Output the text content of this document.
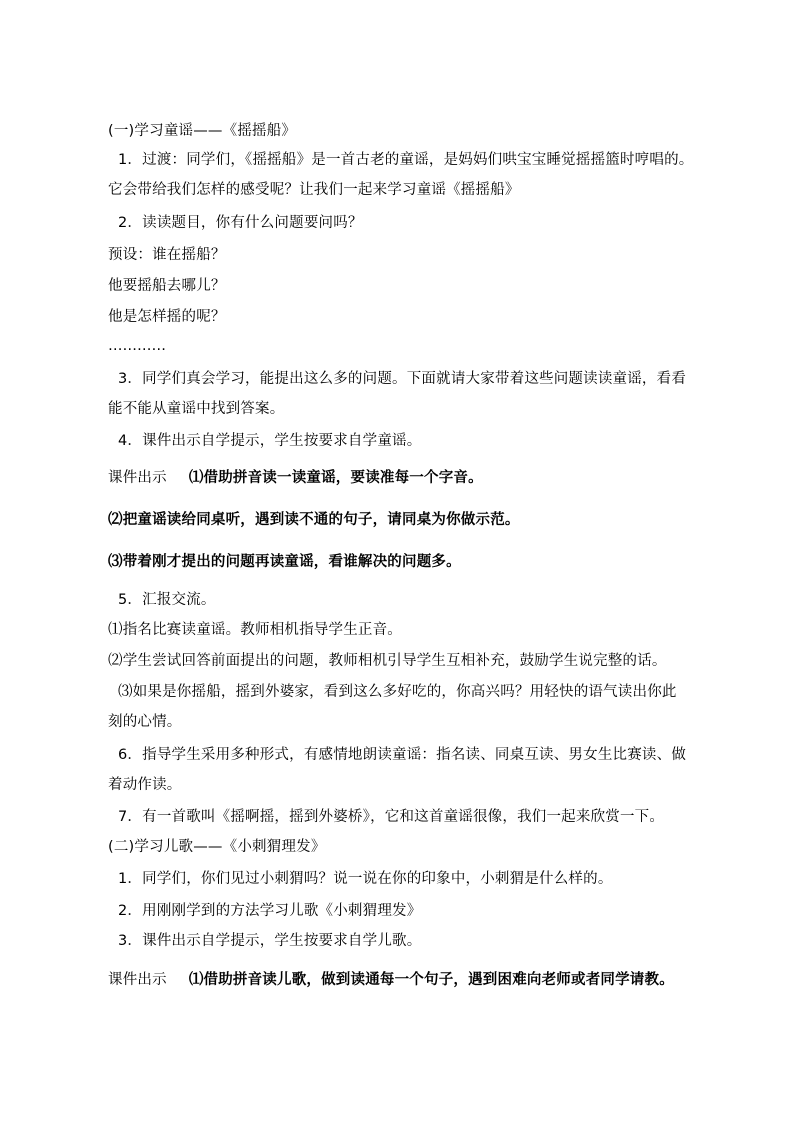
(一)学习童谣——《摇摇船》
1．过渡：同学们，《摇摇船》是一首古老的童谣，是妈妈们哄宝宝睡觉摇摇篮时哼唱的。
它会带给我们怎样的感受呢？让我们一起来学习童谣《摇摇船》
2．读读题目，你有什么问题要问吗？
预设：谁在摇船？
他要摇船去哪儿？
他是怎样摇的呢？
…………
3．同学们真会学习，能提出这么多的问题。下面就请大家带着这些问题读读童谣，看看
能不能从童谣中找到答案。
4．课件出示自学提示，学生按要求自学童谣。
课件出示 ⑴借助拼音读一读童谣，要读准每一个字音。
⑵把童谣读给同桌听，遇到读不通的句子，请同桌为你做示范。
⑶带着刚才提出的问题再读童谣，看谁解决的问题多。
5．汇报交流。
⑴指名比赛读童谣。教师相机指导学生正音。
⑵学生尝试回答前面提出的问题，教师相机引导学生互相补充，鼓励学生说完整的话。
⑶如果是你摇船，摇到外婆家，看到这么多好吃的，你高兴吗？用轻快的语气读出你此
刻的心情。
6．指导学生采用多种形式，有感情地朗读童谣：指名读、同桌互读、男女生比赛读、做
着动作读。
7．有一首歌叫《摇啊摇，摇到外婆桥》，它和这首童谣很像，我们一起来欣赏一下。
(二)学习儿歌——《小刺猬理发》
1．同学们，你们见过小刺猬吗？说一说在你的印象中，小刺猬是什么样的。
2．用刚刚学到的方法学习儿歌《小刺猬理发》
3．课件出示自学提示，学生按要求自学儿歌。
课件出示 ⑴借助拼音读儿歌，做到读通每一个句子，遇到困难向老师或者同学请教。
